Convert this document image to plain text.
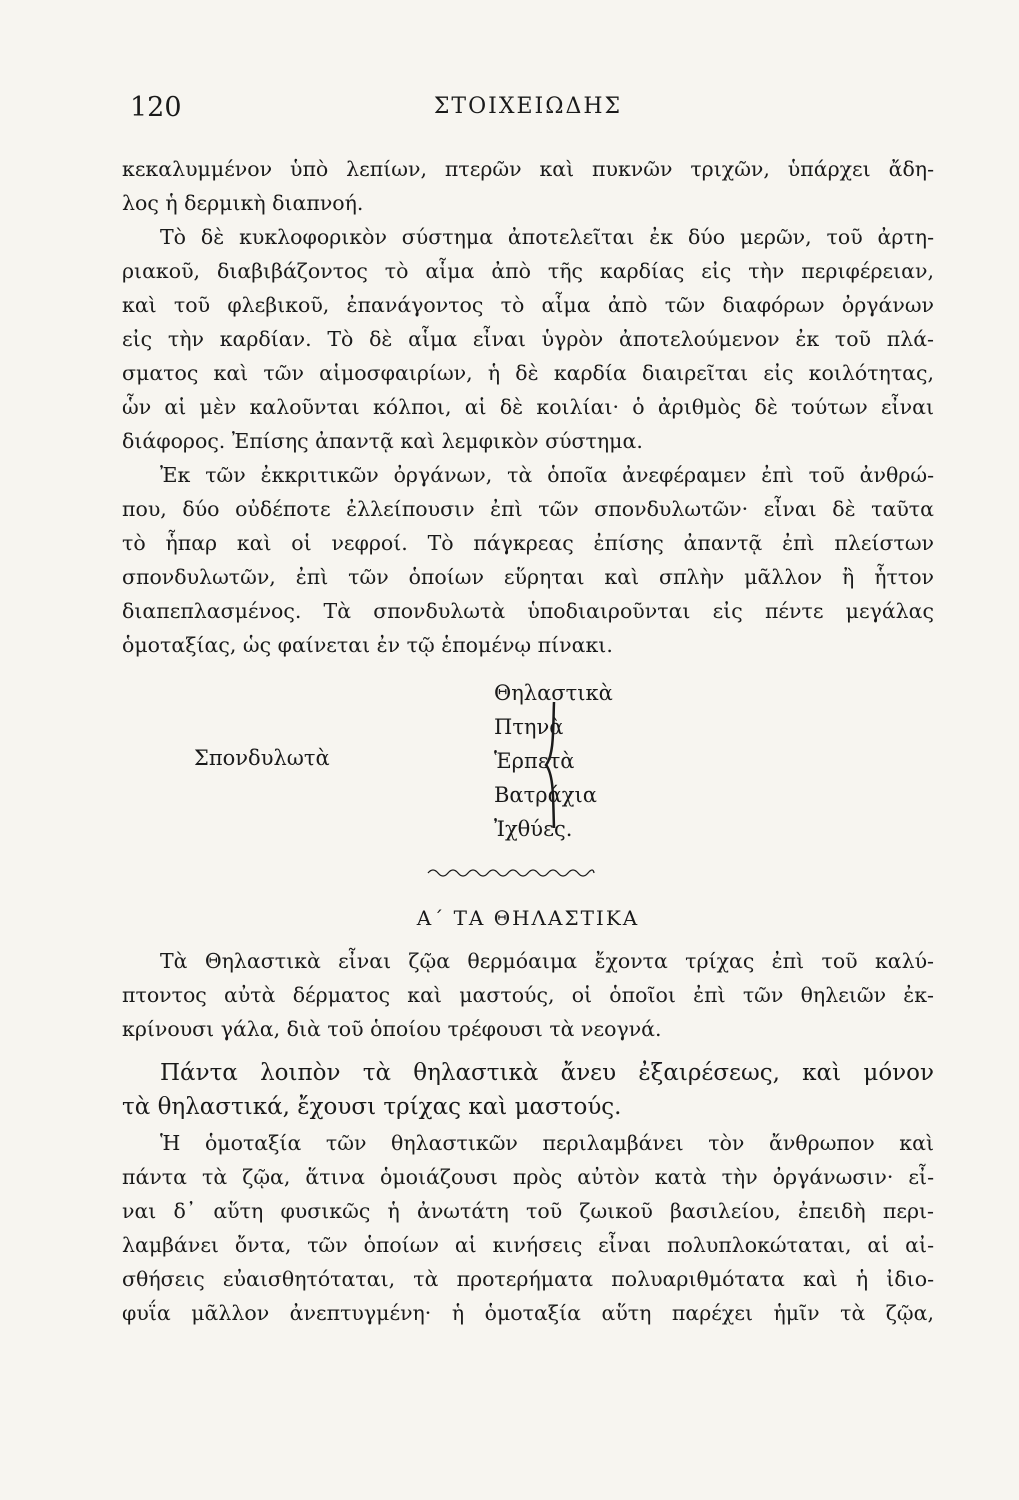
120	ΣΤΟΙΧΕΙΩΔΗΣ
κεκαλυμμένον ὑπὸ λεπίων, πτερῶν καὶ πυκνῶν τριχῶν, ὑπάρχει ἄδη-
λος ἡ δερμικὴ διαπνοή.
Τὸ δὲ κυκλοφορικὸν σύστημα ἀποτελεῖται ἐκ δύο μερῶν, τοῦ ἀρτη-
ριακοῦ, διαβιβάζοντος τὸ αἷμα ἀπὸ τῆς καρδίας εἰς τὴν περιφέρειαν,
καὶ τοῦ φλεβικοῦ, ἐπανάγοντος τὸ αἷμα ἀπὸ τῶν διαφόρων ὀργάνων
εἰς τὴν καρδίαν. Τὸ δὲ αἷμα εἶναι ὑγρὸν ἀποτελούμενον ἐκ τοῦ πλά-
σματος καὶ τῶν αἱμοσφαιρίων, ἡ δὲ καρδία διαιρεῖται εἰς κοιλότητας,
ὧν αἱ μὲν καλοῦνται κόλποι, αἱ δὲ κοιλίαι· ὁ ἀριθμὸς δὲ τούτων εἶναι
διάφορος. Ἐπίσης ἀπαντᾷ καὶ λεμφικὸν σύστημα.
Ἐκ τῶν ἐκκριτικῶν ὀργάνων, τὰ ὁποῖα ἀνεφέραμεν ἐπὶ τοῦ ἀνθρώ-
που, δύο οὐδέποτε ἐλλείπουσιν ἐπὶ τῶν σπονδυλωτῶν· εἶναι δὲ ταῦτα
τὸ ἧπαρ καὶ οἱ νεφροί. Τὸ πάγκρεας ἐπίσης ἀπαντᾷ ἐπὶ πλείστων
σπονδυλωτῶν, ἐπὶ τῶν ὁποίων εὕρηται καὶ σπλὴν μᾶλλον ἢ ἧττον
διαπεπλασμένος. Τὰ σπονδυλωτὰ ὑποδιαιροῦνται εἰς πέντε μεγάλας
ὁμοταξίας, ὡς φαίνεται ἐν τῷ ἑπομένῳ πίνακι.
Σπονδυλωτὰ
Θηλαστικὰ
Πτηνὰ
Ἑρπετὰ
Βατράχια
Ἰχθύες.
Α΄ ΤΑ ΘΗΛΑΣΤΙΚΑ
Τὰ Θηλαστικὰ εἶναι ζῷα θερμόαιμα ἔχοντα τρίχας ἐπὶ τοῦ καλύ-
πτοντος αὐτὰ δέρματος καὶ μαστούς, οἱ ὁποῖοι ἐπὶ τῶν θηλειῶν ἐκ-
κρίνουσι γάλα, διὰ τοῦ ὁποίου τρέφουσι τὰ νεογνά.
Πάντα λοιπὸν τὰ θηλαστικὰ ἄνευ ἐξαιρέσεως, καὶ μόνον
τὰ θηλαστικά, ἔχουσι τρίχας καὶ μαστούς.
Ἡ ὁμοταξία τῶν θηλαστικῶν περιλαμβάνει τὸν ἄνθρωπον καὶ
πάντα τὰ ζῷα, ἅτινα ὁμοιάζουσι πρὸς αὐτὸν κατὰ τὴν ὀργάνωσιν· εἶ-
ναι δ᾽ αὕτη φυσικῶς ἡ ἀνωτάτη τοῦ ζωικοῦ βασιλείου, ἐπειδὴ περι-
λαμβάνει ὄντα, τῶν ὁποίων αἱ κινήσεις εἶναι πολυπλοκώταται, αἱ αἰ-
σθήσεις εὐαισθητόταται, τὰ προτερήματα πολυαριθμότατα καὶ ἡ ἰδιο-
φυΐα μᾶλλον ἀνεπτυγμένη· ἡ ὁμοταξία αὕτη παρέχει ἡμῖν τὰ ζῷα,
